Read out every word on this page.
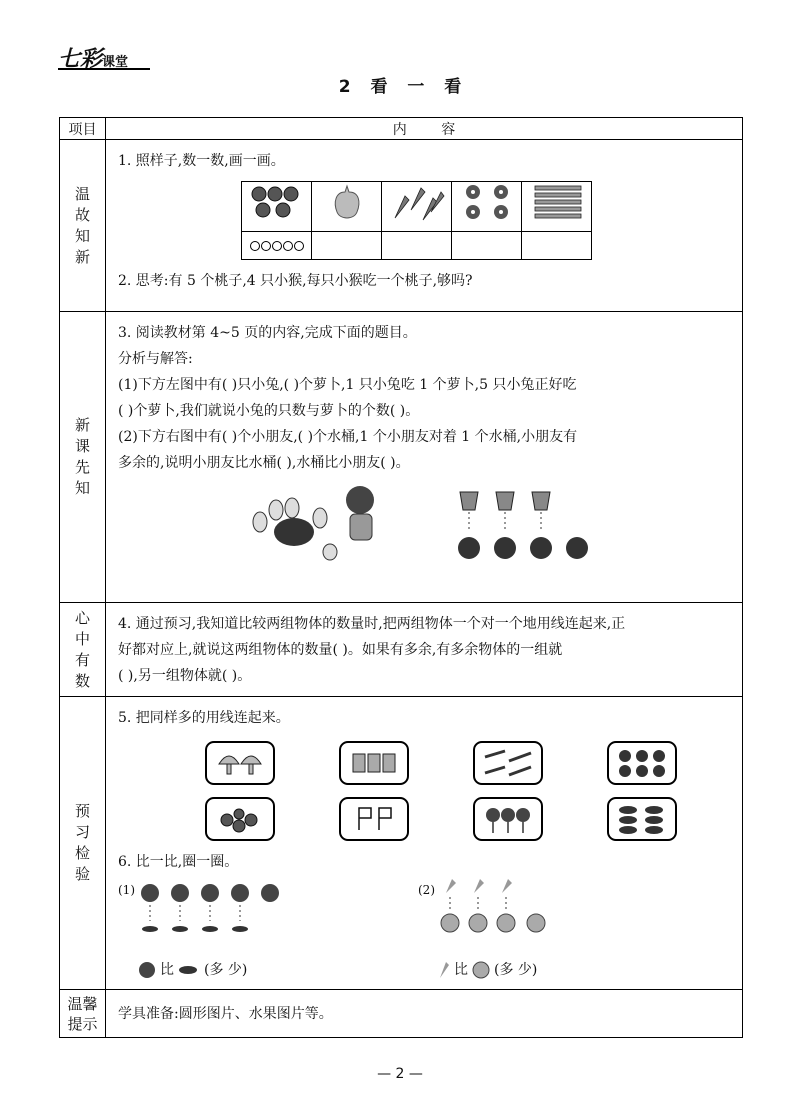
七彩课堂
2 看 一 看
项目	内 容

温故知新

1. 照样子,数一数,画一画。

2. 思考:有 5 个桃子,4 只小猴,每只小猴吃一个桃子,够吗?

新课先知

3. 阅读教材第 4~5 页的内容,完成下面的题目。
分析与解答:
(1)下方左图中有( )只小兔,( )个萝卜,1 只小兔吃 1 个萝卜,5 只小兔正好吃
( )个萝卜,我们就说小兔的只数与萝卜的个数( )。
(2)下方右图中有( )个小朋友,( )个水桶,1 个小朋友对着 1 个水桶,小朋友有
多余的,说明小朋友比水桶( ),水桶比小朋友( )。

心中有数

4. 通过预习,我知道比较两组物体的数量时,把两组物体一个对一个地用线连起来,正
好都对应上,就说这两组物体的数量( )。如果有多余,有多余物体的一组就
( ),另一组物体就( )。

预习检验

5. 把同样多的用线连起来。
6. 比一比,圈一圈。
(1)
比 (多 少)
(2)
比 (多 少)

温馨提示

学具准备:圆形图片、水果图片等。
— 2 —
